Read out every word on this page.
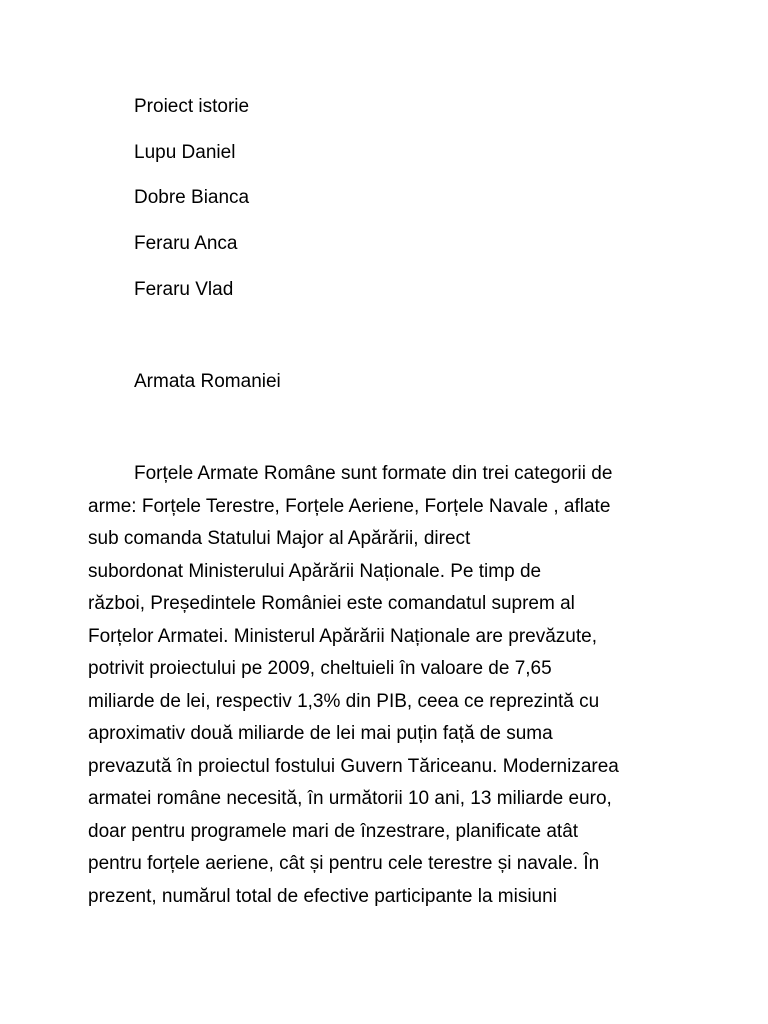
Proiect istorie
Lupu Daniel
Dobre Bianca
Feraru Anca
Feraru Vlad
Armata Romaniei
Forțele Armate Române sunt formate din trei categorii de
arme: Forțele Terestre, Forțele Aeriene, Forțele Navale , aflate
sub comanda Statului Major al Apărării, direct
subordonat Ministerului Apărării Naționale. Pe timp de
război, Președintele României este comandatul suprem al
Forțelor Armatei. Ministerul Apărării Naționale are prevăzute,
potrivit proiectului pe 2009, cheltuieli în valoare de 7,65
miliarde de lei, respectiv 1,3% din PIB, ceea ce reprezintă cu
aproximativ două miliarde de lei mai puțin față de suma
prevazută în proiectul fostului Guvern Tăriceanu. Modernizarea
armatei române necesită, în următorii 10 ani, 13 miliarde euro,
doar pentru programele mari de înzestrare, planificate atât
pentru forțele aeriene, cât și pentru cele terestre și navale. În
prezent, numărul total de efective participante la misiuni
